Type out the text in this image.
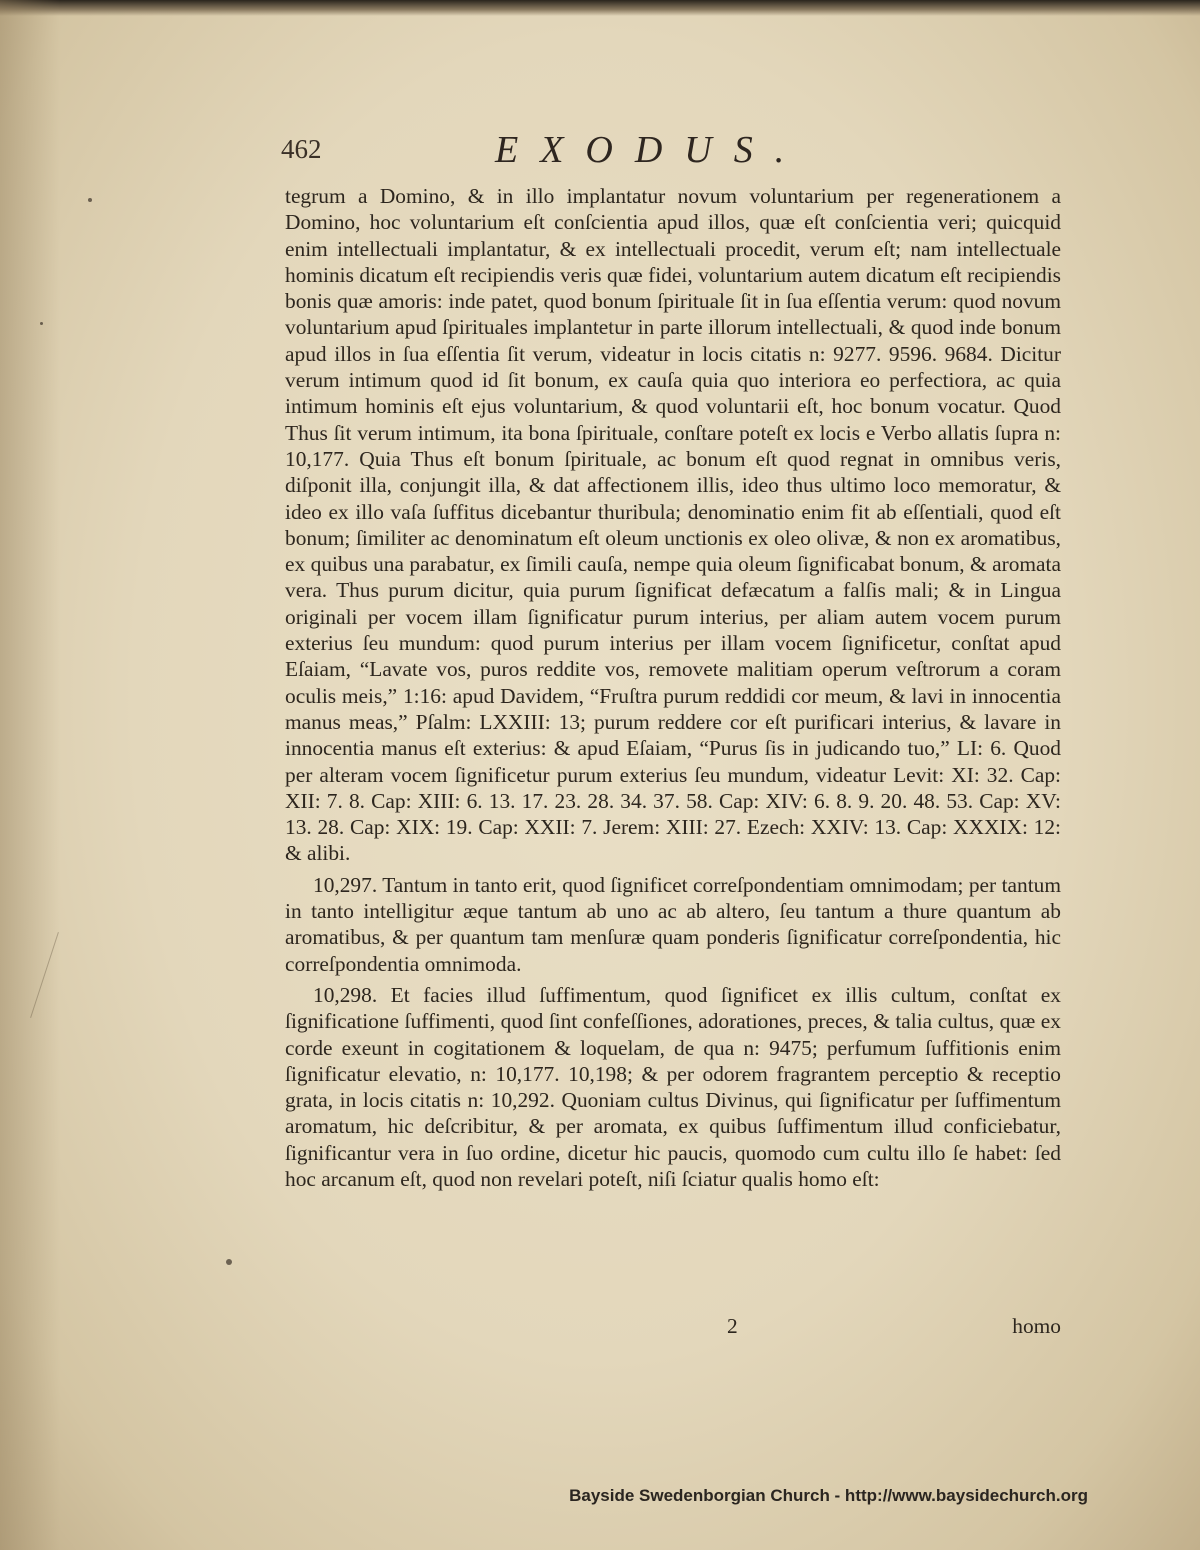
462	EXODUS.

tegrum a Domino, & in illo implantatur novum voluntarium per regenerationem a Domino, hoc voluntarium eſt conſcientia apud illos, quæ eſt conſcientia veri; quicquid enim intellectuali implantatur, & ex intellectuali procedit, verum eſt; nam intellectuale hominis dicatum eſt recipiendis veris quæ fidei, voluntarium autem dicatum eſt recipiendis bonis quæ amoris: inde patet, quod bonum ſpirituale ſit in ſua eſſentia verum: quod novum voluntarium apud ſpirituales implantetur in parte illorum intellectuali, & quod inde bonum apud illos in ſua eſſentia ſit verum, videatur in locis citatis n: 9277. 9596. 9684. Dicitur verum intimum quod id ſit bonum, ex cauſa quia quo interiora eo perfectiora, ac quia intimum hominis eſt ejus voluntarium, & quod voluntarii eſt, hoc bonum vocatur. Quod Thus ſit verum intimum, ita bona ſpirituale, conſtare poteſt ex locis e Verbo allatis ſupra n: 10,177. Quia Thus eſt bonum ſpirituale, ac bonum eſt quod regnat in omnibus veris, diſponit illa, conjungit illa, & dat affectionem illis, ideo thus ultimo loco memoratur, & ideo ex illo vaſa ſuffitus dicebantur thuribula; denominatio enim fit ab eſſentiali, quod eſt bonum; ſimiliter ac denominatum eſt oleum unctionis ex oleo olivæ, & non ex aromatibus, ex quibus una parabatur, ex ſimili cauſa, nempe quia oleum ſignificabat bonum, & aromata vera. Thus purum dicitur, quia purum ſignificat defæcatum a falſis mali; & in Lingua originali per vocem illam ſignificatur purum interius, per aliam autem vocem purum exterius ſeu mundum: quod purum interius per illam vocem ſignificetur, conſtat apud Eſaiam, “Lavate vos, puros reddite vos, removete malitiam operum veſtrorum a coram oculis meis,” 1:16: apud Davidem, “Fruſtra purum reddidi cor meum, & lavi in innocentia manus meas,” Pſalm: LXXIII: 13; purum reddere cor eſt purificari interius, & lavare in innocentia manus eſt exterius: & apud Eſaiam, “Purus ſis in judicando tuo,” LI: 6. Quod per alteram vocem ſignificetur purum exterius ſeu mundum, videatur Levit: XI: 32. Cap: XII: 7. 8. Cap: XIII: 6. 13. 17. 23. 28. 34. 37. 58. Cap: XIV: 6. 8. 9. 20. 48. 53. Cap: XV: 13. 28. Cap: XIX: 19. Cap: XXII: 7. Jerem: XIII: 27. Ezech: XXIV: 13. Cap: XXXIX: 12: & alibi.

10,297. Tantum in tanto erit, quod ſignificet correſpondentiam omnimodam; per tantum in tanto intelligitur æque tantum ab uno ac ab altero, ſeu tantum a thure quantum ab aromatibus, & per quantum tam menſuræ quam ponderis ſignificatur correſpondentia, hic correſpondentia omnimoda.

10,298. Et facies illud ſuffimentum, quod ſignificet ex illis cultum, conſtat ex ſignificatione ſuffimenti, quod ſint confeſſiones, adorationes, preces, & talia cultus, quæ ex corde exeunt in cogitationem & loquelam, de qua n: 9475; perfumum ſuffitionis enim ſignificatur elevatio, n: 10,177. 10,198; & per odorem fragrantem perceptio & receptio grata, in locis citatis n: 10,292. Quoniam cultus Divinus, qui ſignificatur per ſuffimentum aromatum, hic deſcribitur, & per aromata, ex quibus ſuffimentum illud conficiebatur, ſignificantur vera in ſuo ordine, dicetur hic paucis, quomodo cum cultu illo ſe habet: ſed hoc arcanum eſt, quod non revelari poteſt, niſi ſciatur qualis homo eſt:

2	homo
Bayside Swedenborgian Church - http://www.baysidechurch.org
